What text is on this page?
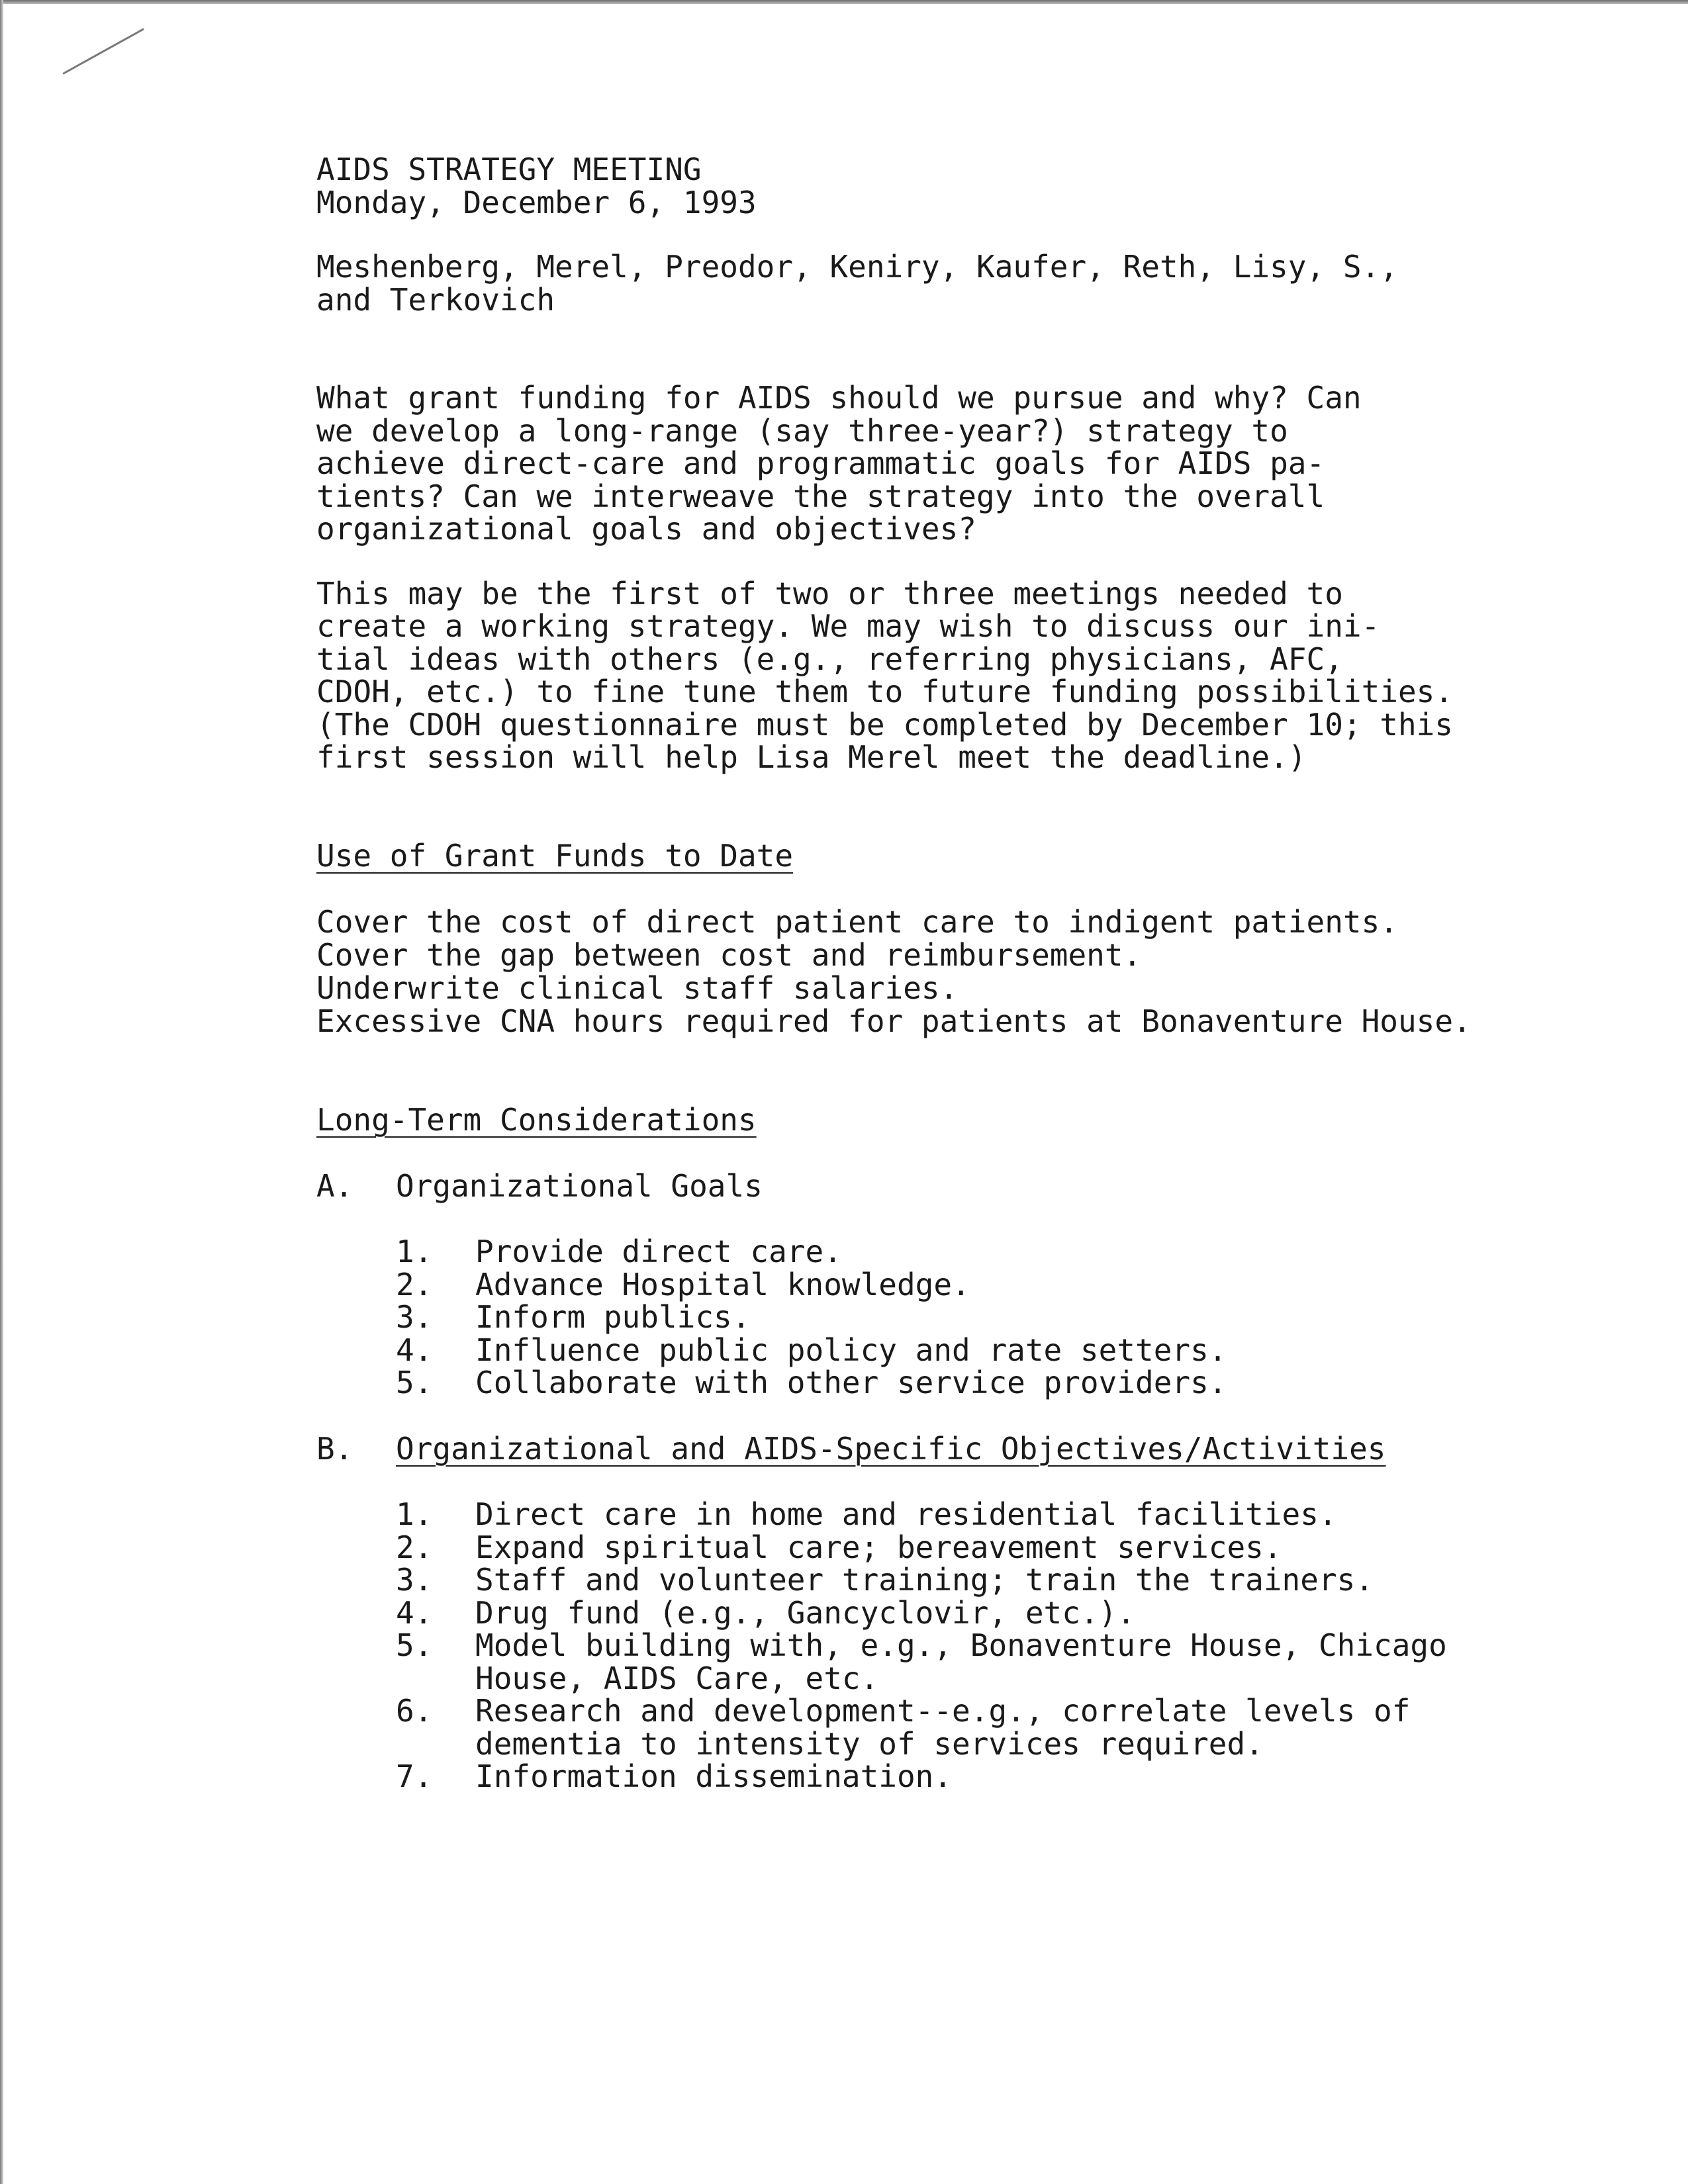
AIDS STRATEGY MEETING

Monday, December 6, 1993

Meshenberg, Merel, Preodor, Keniry, Kaufer, Reth, Lisy, S.,
and Terkovich

What grant funding for AIDS should we pursue and why? Can
we develop a long-range (say three-year?) strategy to
achieve direct-care and programmatic goals for AIDS pa-
tients? Can we interweave the strategy into the overall
organizational goals and objectives?

This may be the first of two or three meetings needed to
create a working strategy. We may wish to discuss our ini-
tial ideas with others (e.g., referring physicians, AFC,
CDOH, etc.) to fine tune them to future funding possibilities.
(The CDOH questionnaire must be completed by December 10; this
first session will help Lisa Merel meet the deadline.)

Use of Grant Funds to Date

Cover the cost of direct patient care to indigent patients.
Cover the gap between cost and reimbursement.
Underwrite clinical staff salaries.
Excessive CNA hours required for patients at Bonaventure House.

Long-Term Considerations

A.	Organizational Goals
1.	Provide direct care.
2.	Advance Hospital knowledge.
3.	Inform publics.
4.	Influence public policy and rate setters.
5.	Collaborate with other service providers.
B.	Organizational and AIDS-Specific Objectives/Activities
1.	Direct care in home and residential facilities.
2.	Expand spiritual care; bereavement services.
3.	Staff and volunteer training; train the trainers.
4.	Drug fund (e.g., Gancyclovir, etc.).
5.	Model building with, e.g., Bonaventure House, Chicago
House, AIDS Care, etc.
6.	Research and development--e.g., correlate levels of
dementia to intensity of services required.
7.	Information dissemination.
